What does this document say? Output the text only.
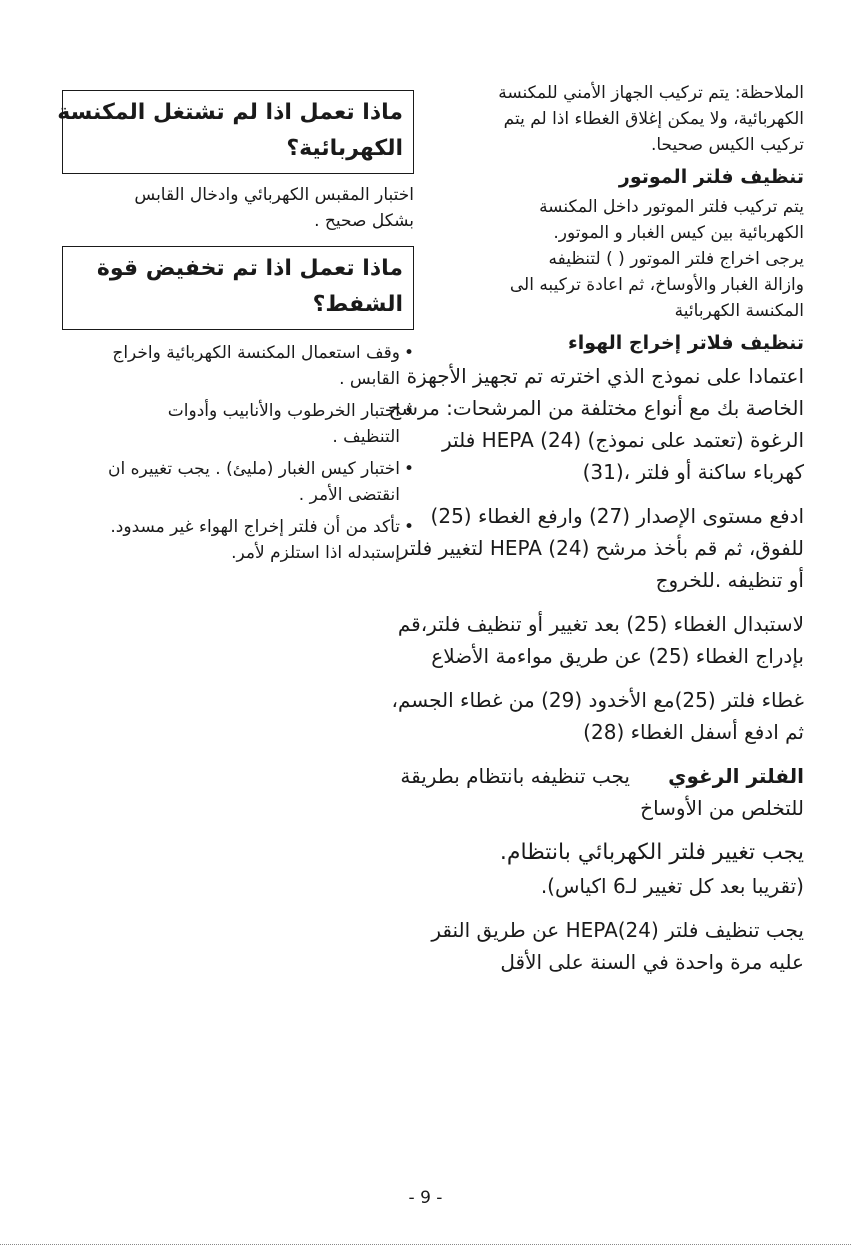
الملاحظة: يتم تركيب الجهاز الأمني للمكنسة

الكهربائية، ولا يمكن إغلاق الغطاء اذا لم يتم

تركيب الكيس صحيحا.

تنظيف فلتر الموتور

يتم تركيب فلتر الموتور داخل المكنسة

الكهربائية بين كيس الغبار و الموتور.

يرجى اخراج فلتر الموتور ( ) لتنظيفه

وازالة الغبار والأوساخ، ثم اعادة تركيبه الى

المكنسة الكهربائية

تنظيف فلاتر إخراج الهواء

اعتمادا على نموذج الذي اخترته تم تجهيز الأجهزة

الخاصة بك مع أنواع مختلفة من المرشحات: مرشح

الرغوة (تعتمد على نموذج) (24) HEPA فلتر

كهرباء ساكنة أو فلتر ،(31)

ادفع مستوى الإصدار (27) وارفع الغطاء (25)

للفوق، ثم قم بأخذ مرشح (24) HEPA لتغيير فلتر

أو تنظيفه .للخروج

لاستبدال الغطاء (25) بعد تغيير أو تنظيف فلتر،قم

بإدراج الغطاء (25) عن طريق مواءمة الأضلاع

غطاء فلتر (25)مع الأخدود (29) من غطاء الجسم،

ثم ادفع أسفل الغطاء (28)

الفلتر الرغوي      يجب تنظيفه بانتظام بطريقة

للتخلص من الأوساخ

يجب تغيير فلتر الكهربائي بانتظام.

(تقريبا بعد كل تغيير لـ6 اكياس).

يجب تنظيف فلتر HEPA(24) عن طريق النقر

عليه مرة واحدة في السنة على الأقل

ماذا تعمل اذا لم تشتغل المكنسة

الكهربائية؟

اختبار المقبس الكهربائي وادخال القابس

بشكل صحيح .

ماذا تعمل اذا تم تخفيض قوة

الشفط؟

• وقف استعمال المكنسة الكهربائية واخراج

القابس .

• اختبار الخرطوب والأنابيب وأدوات

التنظيف .

• اختبار كيس الغبار (مليئ) . يجب تغييره ان

انقتضى الأمر .

• تأكد من أن فلتر إخراج الهواء غير مسدود.

إستبدله اذا استلزم لأمر.

- 9 -
